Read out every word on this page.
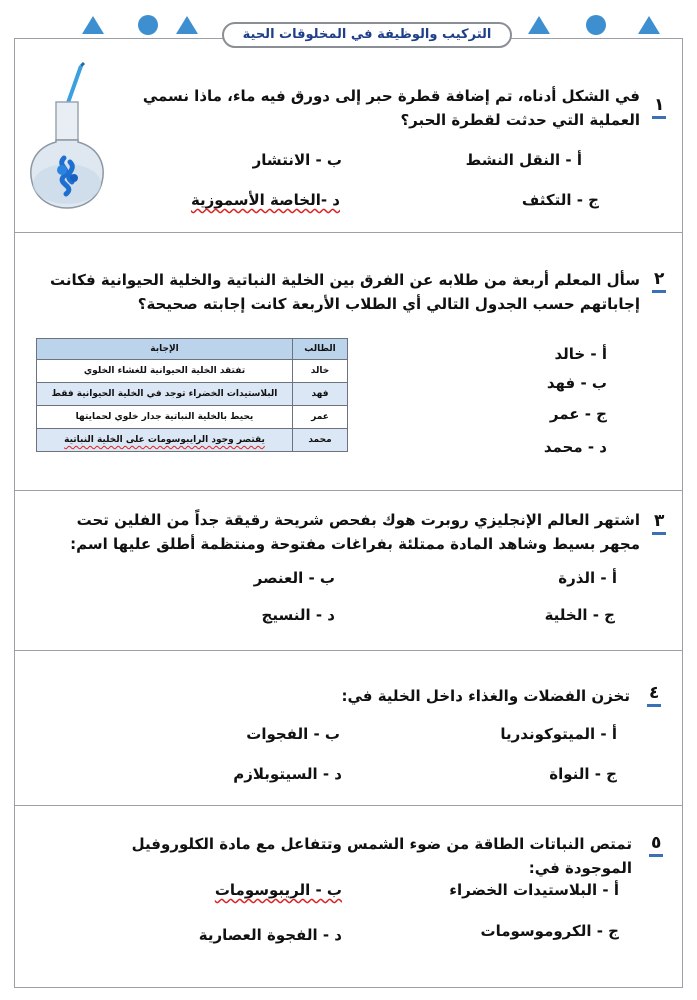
التركيب والوظيفة في المخلوقات الحية
١
في الشكل أدناه، تم إضافة قطرة حبر إلى دورق فيه ماء، ماذا نسمي العملية التي حدثت لقطرة الحبر؟
أ - النقل النشط
ب - الانتشار
ج - التكثف
د -الخاصة الأسموزية
٢
سأل المعلم أربعة من طلابه عن الفرق بين الخلية النباتية والخلية الحيوانية فكانت إجاباتهم حسب الجدول التالي أي الطلاب الأربعة كانت إجابته صحيحة؟
الطالب	الإجابة
خالد	تفتقد الخلية الحيوانية للغشاء الخلوي
فهد	البلاستيدات الخضراء توجد في الخلية الحيوانية فقط
عمر	يحيط بالخلية النباتية جدار خلوي لحمايتها
محمد	يقتصر وجود الرايبوسومات على الخلية النباتية
أ - خالد
ب - فهد
ج - عمر
د - محمد
٣
اشتهر العالم الإنجليزي روبرت هوك بفحص شريحة رقيقة جداً من الفلين تحت مجهر بسيط وشاهد المادة ممتلئة بفراغات مفتوحة ومنتظمة أطلق عليها اسم:
أ - الذرة
ب - العنصر
ج - الخلية
د - النسيج
٤
تخزن الفضلات والغذاء داخل الخلية في:
أ - الميتوكوندريا
ب - الفجوات
ج - النواة
د - السيتوبلازم
٥
تمتص النباتات الطاقة من ضوء الشمس وتتفاعل مع مادة الكلوروفيل الموجودة في:
أ - البلاستيدات الخضراء
ب - الريبوسومات
ج - الكروموسومات
د - الفجوة العصارية
